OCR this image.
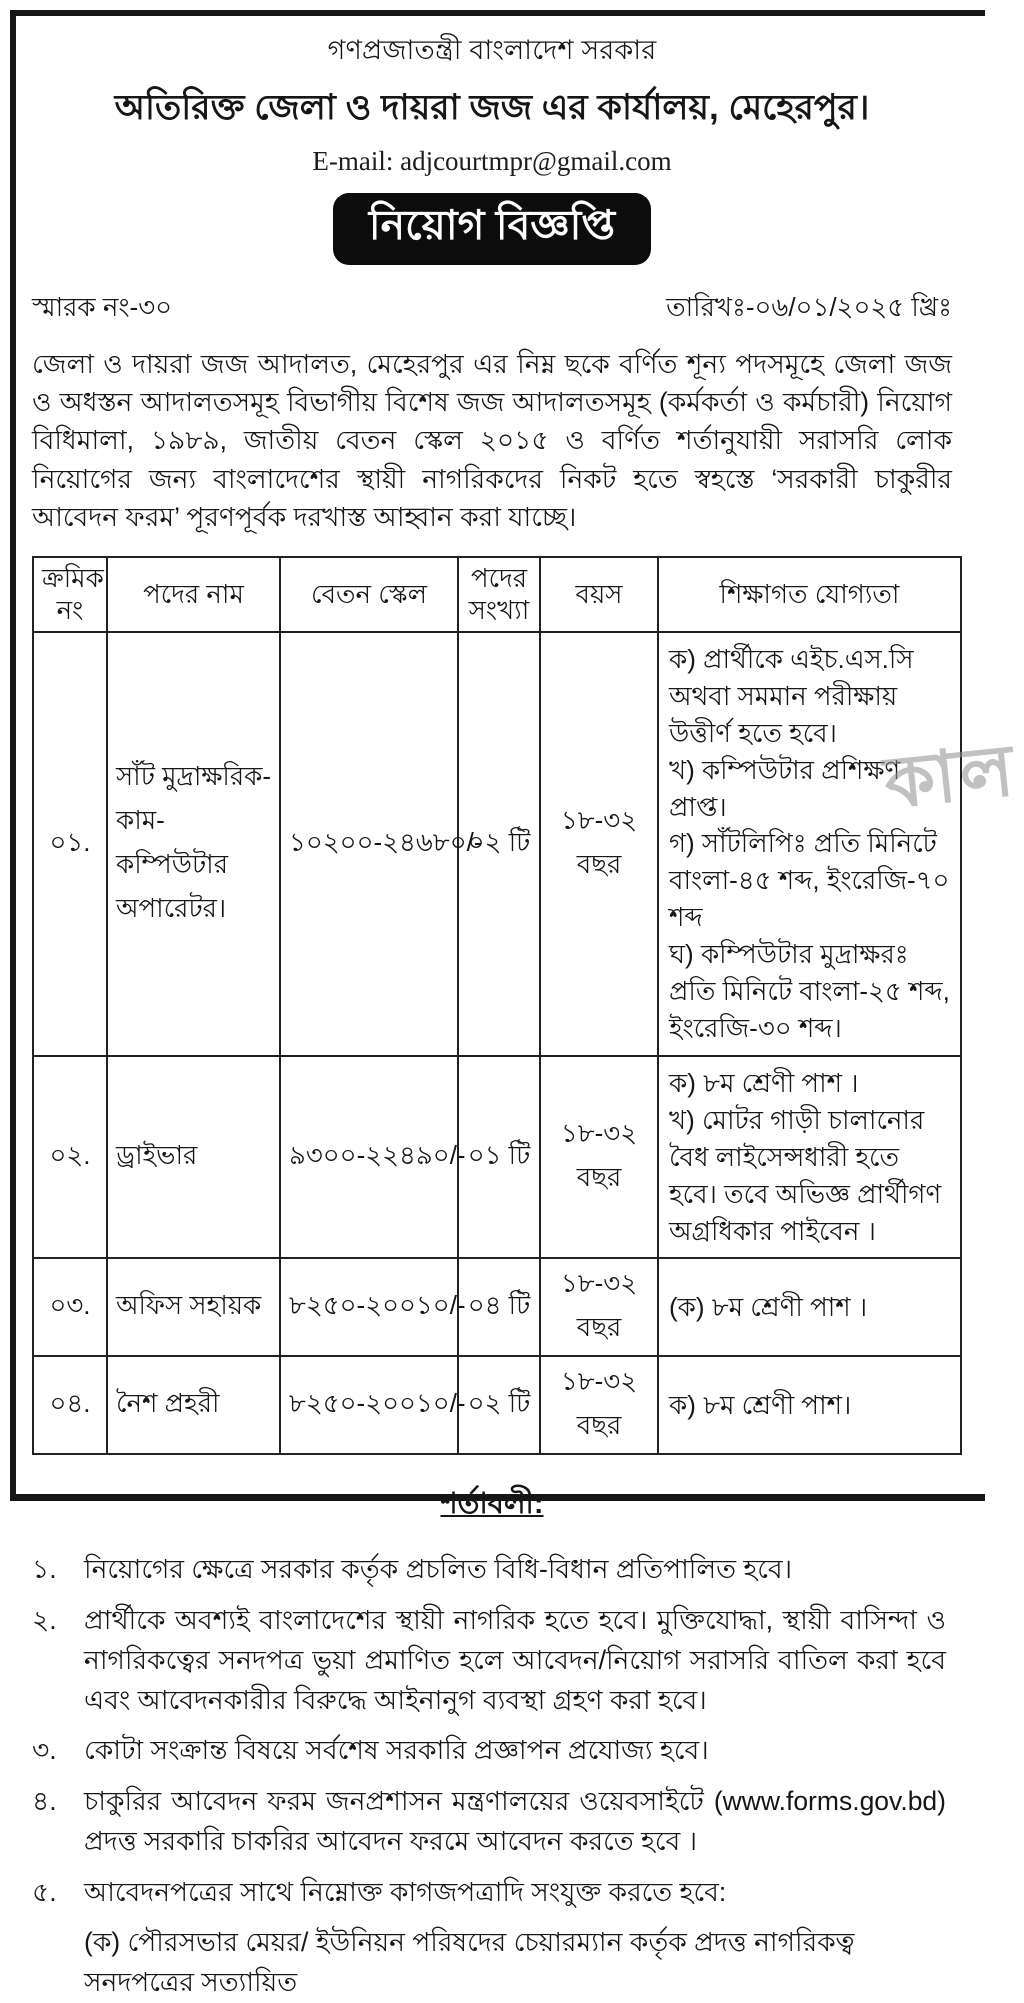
গণপ্রজাতন্ত্রী বাংলাদেশ সরকার
অতিরিক্ত জেলা ও দায়রা জজ এর কার্যালয়, মেহেরপুর।
E-mail: adjcourtmpr@gmail.com
নিয়োগ বিজ্ঞপ্তি
স্মারক নং-৩০	তারিখঃ-০৬/০১/২০২৫ খ্রিঃ
জেলা ও দায়রা জজ আদালত, মেহেরপুর এর নিম্ন ছকে বর্ণিত শূন্য পদসমূহে জেলা জজ ও অধস্তন আদালতসমূহ বিভাগীয় বিশেষ জজ আদালতসমূহ (কর্মকর্তা ও কর্মচারী) নিয়োগ বিধিমালা, ১৯৮৯, জাতীয় বেতন স্কেল ২০১৫ ও বর্ণিত শর্তানুযায়ী সরাসরি লোক নিয়োগের জন্য বাংলাদেশের স্থায়ী নাগরিকদের নিকট হতে স্বহস্তে ‘সরকারী চাকুরীর আবেদন ফরম’ পূরণপূর্বক দরখাস্ত আহ্বান করা যাচ্ছে।
ক্রমিক নং	পদের নাম	বেতন স্কেল	পদের সংখ্যা	বয়স	শিক্ষাগত যোগ্যতা
০১.	সাঁট মুদ্রাক্ষরিক- কাম- কম্পিউটার অপারেটর।	১০২০০-২৪৬৮০/-	০২ টি	১৮-৩২ বছর	ক) প্রার্থীকে এইচ.এস.সি অথবা সমমান পরীক্ষায় উত্তীর্ণ হতে হবে।
খ) কম্পিউটার প্রশিক্ষণ প্রাপ্ত।
গ) সাঁটলিপিঃ প্রতি মিনিটে বাংলা-৪৫ শব্দ, ইংরেজি-৭০ শব্দ
ঘ) কম্পিউটার মুদ্রাক্ষরঃ প্রতি মিনিটে বাংলা-২৫ শব্দ, ইংরেজি-৩০ শব্দ।

০২.	ড্রাইভার	৯৩০০-২২৪৯০/-	০১ টি	১৮-৩২ বছর	ক) ৮ম শ্রেণী পাশ ।
খ) মোটর গাড়ী চালানোর বৈধ লাইসেন্সধারী হতে হবে। তবে অভিজ্ঞ প্রার্থীগণ অগ্রধিকার পাইবেন ।

০৩.	অফিস সহায়ক	৮২৫০-২০০১০/-	০৪ টি	১৮-৩২ বছর	(ক) ৮ম শ্রেণী পাশ ।

০৪.	নৈশ প্রহরী	৮২৫০-২০০১০/-	০২ টি	১৮-৩২ বছর	ক) ৮ম শ্রেণী পাশ।
শর্তাবলী:
১.	নিয়োগের ক্ষেত্রে সরকার কর্তৃক প্রচলিত বিধি-বিধান প্রতিপালিত হবে।
২.	প্রার্থীকে অবশ্যই বাংলাদেশের স্থায়ী নাগরিক হতে হবে। মুক্তিযোদ্ধা, স্থায়ী বাসিন্দা ও নাগরিকত্বের সনদপত্র ভুয়া প্রমাণিত হলে আবেদন/নিয়োগ সরাসরি বাতিল করা হবে এবং আবেদনকারীর বিরুদ্ধে আইনানুগ ব্যবস্থা গ্রহণ করা হবে।
৩.	কোটা সংক্রান্ত বিষয়ে সর্বশেষ সরকারি প্রজ্ঞাপন প্রযোজ্য হবে।
৪.	চাকুরির আবেদন ফরম জনপ্রশাসন মন্ত্রণালয়ের ওয়েবসাইটে (www.forms.gov.bd) প্রদত্ত সরকারি চাকরির আবেদন ফরমে আবেদন করতে হবে ।
৫.	আবেদনপত্রের সাথে নিম্নোক্ত কাগজপত্রাদি সংযুক্ত করতে হবে:
(ক) পৌরসভার মেয়র/ ইউনিয়ন পরিষদের চেয়ারম্যান কর্তৃক প্রদত্ত নাগরিকত্ব সনদপত্রের সত্যায়িত
কাল
